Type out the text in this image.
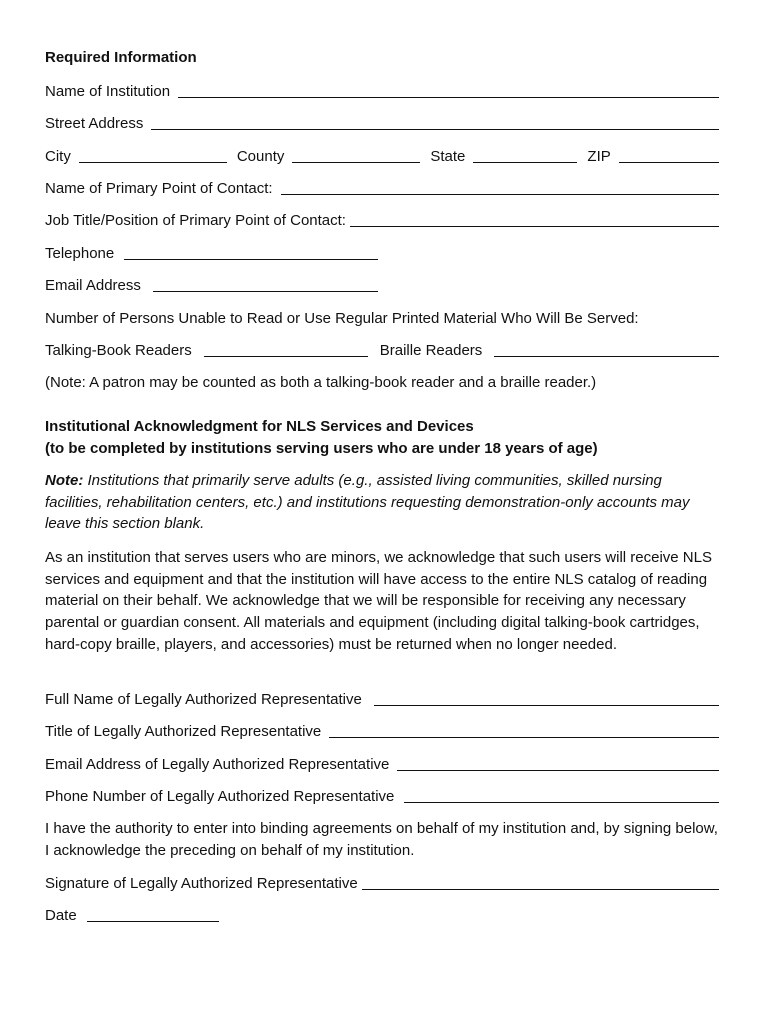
Required Information
Name of Institution
Street Address
City	County	State	ZIP
Name of Primary Point of Contact:
Job Title/Position of Primary Point of Contact:
Telephone
Email Address
Number of Persons Unable to Read or Use Regular Printed Material Who Will Be Served:
Talking-Book Readers	Braille Readers
(Note: A patron may be counted as both a talking-book reader and a braille reader.)
Institutional Acknowledgment for NLS Services and Devices
(to be completed by institutions serving users who are under 18 years of age)
Note: Institutions that primarily serve adults (e.g., assisted living communities, skilled nursing facilities, rehabilitation centers, etc.) and institutions requesting demonstration-only accounts may leave this section blank.
As an institution that serves users who are minors, we acknowledge that such users will receive NLS services and equipment and that the institution will have access to the entire NLS catalog of reading material on their behalf. We acknowledge that we will be responsible for receiving any necessary parental or guardian consent. All materials and equipment (including digital talking-book cartridges, hard-copy braille, players, and accessories) must be returned when no longer needed.
Full Name of Legally Authorized Representative
Title of Legally Authorized Representative
Email Address of Legally Authorized Representative
Phone Number of Legally Authorized Representative
I have the authority to enter into binding agreements on behalf of my institution and, by signing below, I acknowledge the preceding on behalf of my institution.
Signature of Legally Authorized Representative
Date
